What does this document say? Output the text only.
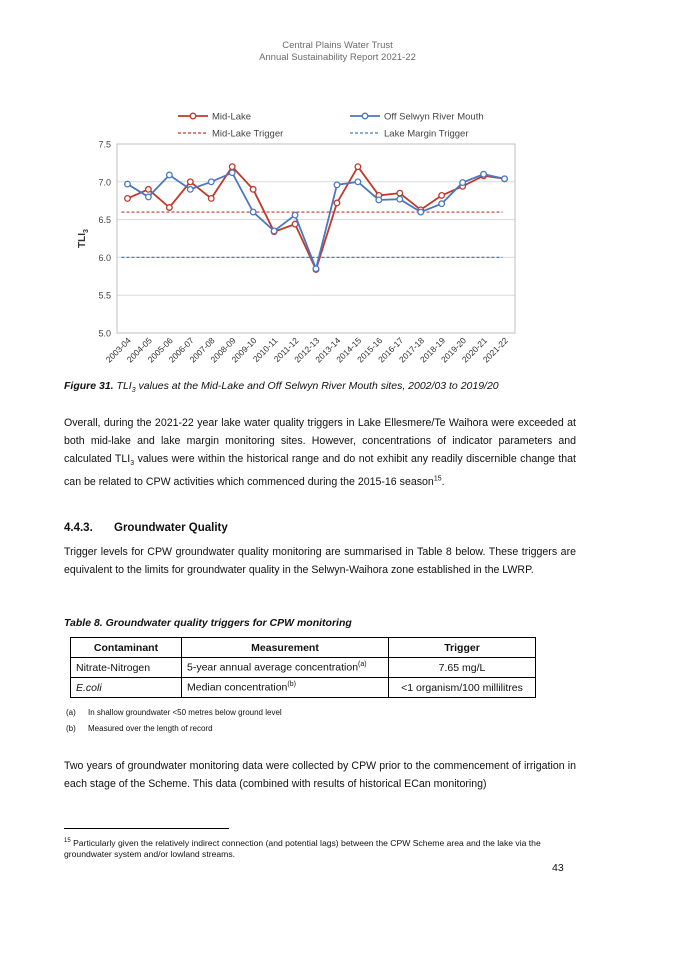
Central Plains Water Trust
Annual Sustainability Report 2021-22
5.0
5.5
6.0
6.5
7.0
7.5
$TLI_3$
2003-04
2004-05
2005-06
2006-07
2007-08
2008-09
2009-10
2010-11
2011-12
2012-13
2013-14
2014-15
2015-16
2016-17
2017-18
2018-19
2019-20
2020-21
2021-22
Mid-Lake	Off Selwyn River Mouth
Mid-Lake Trigger	Lake Margin Trigger
Figure 31. $TLI_3$ values at the Mid-Lake and Off Selwyn River Mouth sites, 2002/03 to 2019/20
Overall, during the 2021-22 year lake water quality triggers in Lake Ellesmere/Te Waihora were exceeded at both mid-lake and lake margin monitoring sites. However, concentrations of indicator parameters and calculated $TLI_3$ values were within the historical range and do not exhibit any readily discernible change that can be related to CPW activities which commenced during the 2015-16 season$^{15}$.
4.4.3. Groundwater Quality
Trigger levels for CPW groundwater quality monitoring are summarised in Table 8 below. These triggers are equivalent to the limits for groundwater quality in the Selwyn-Waihora zone established in the LWRP.
Table 8. Groundwater quality triggers for CPW monitoring
Contaminant	Measurement	Trigger
Nitrate-Nitrogen	5-year annual average concentration$^{(a)}$	7.65 mg/L
E.coli	Median concentration$^{(b)}$	<1 organism/100 millilitres
(a) In shallow groundwater <50 metres below ground level
(b) Measured over the length of record
Two years of groundwater monitoring data were collected by CPW prior to the commencement of irrigation in each stage of the Scheme. This data (combined with results of historical ECan monitoring)
$^{15}$ Particularly given the relatively indirect connection (and potential lags) between the CPW Scheme area and the lake via the groundwater system and/or lowland streams.
43
